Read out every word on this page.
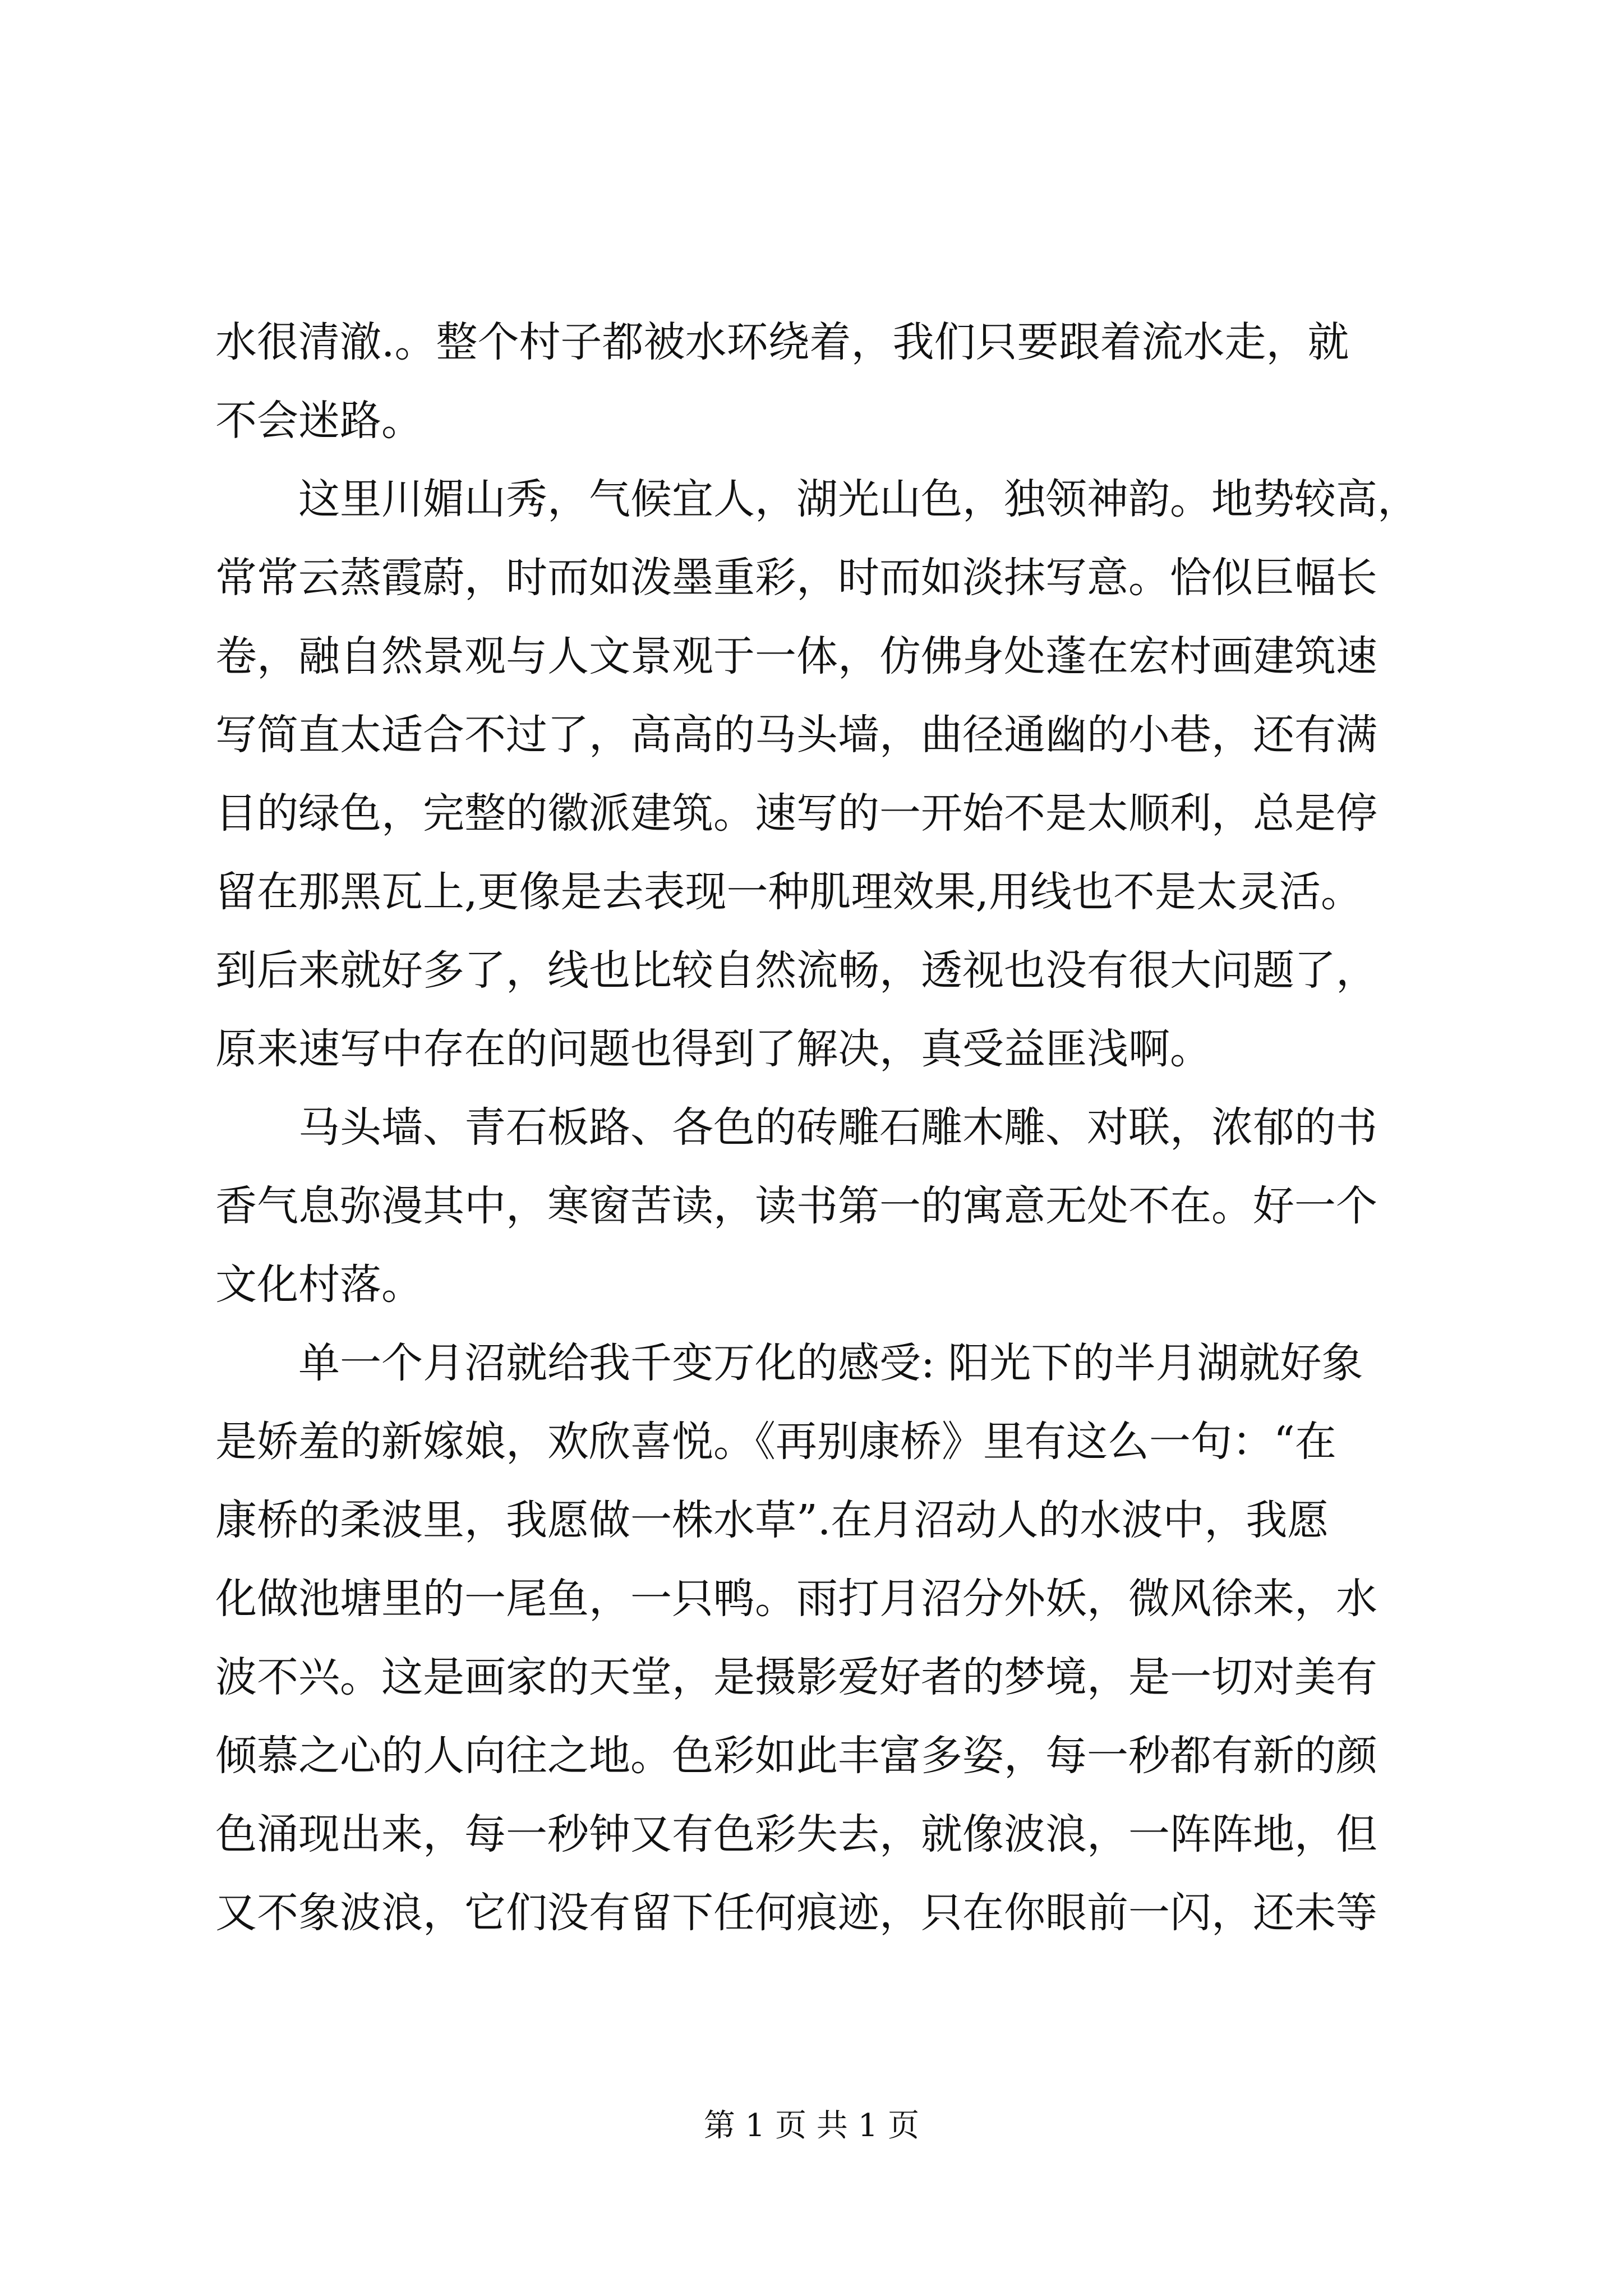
水很清澈.。整个村子都被水环绕着，我们只要跟着流水走，就
不会迷路。
　　这里川媚山秀，气候宜人，湖光山色，独领神韵。地势较高，
常常云蒸霞蔚，时而如泼墨重彩，时而如淡抹写意。恰似巨幅长
卷，融自然景观与人文景观于一体，仿佛身处蓬在宏村画建筑速
写简直太适合不过了，高高的马头墙，曲径通幽的小巷，还有满
目的绿色，完整的徽派建筑。速写的一开始不是太顺利，总是停
留在那黑瓦上,更像是去表现一种肌理效果,用线也不是太灵活。
到后来就好多了，线也比较自然流畅，透视也没有很大问题了，
原来速写中存在的问题也得到了解决，真受益匪浅啊。
　　马头墙、青石板路、各色的砖雕石雕木雕、对联，浓郁的书
香气息弥漫其中，寒窗苦读，读书第一的寓意无处不在。好一个
文化村落。
　　单一个月沼就给我千变万化的感受: 阳光下的半月湖就好象
是娇羞的新嫁娘，欢欣喜悦。《再别康桥》里有这么一句：“在
康桥的柔波里，我愿做一株水草”.在月沼动人的水波中，我愿
化做池塘里的一尾鱼，一只鸭。雨打月沼分外妖，微风徐来，水
波不兴。这是画家的天堂，是摄影爱好者的梦境，是一切对美有
倾慕之心的人向往之地。色彩如此丰富多姿，每一秒都有新的颜
色涌现出来，每一秒钟又有色彩失去，就像波浪，一阵阵地，但
又不象波浪，它们没有留下任何痕迹，只在你眼前一闪，还未等
第 1 页 共 1 页
